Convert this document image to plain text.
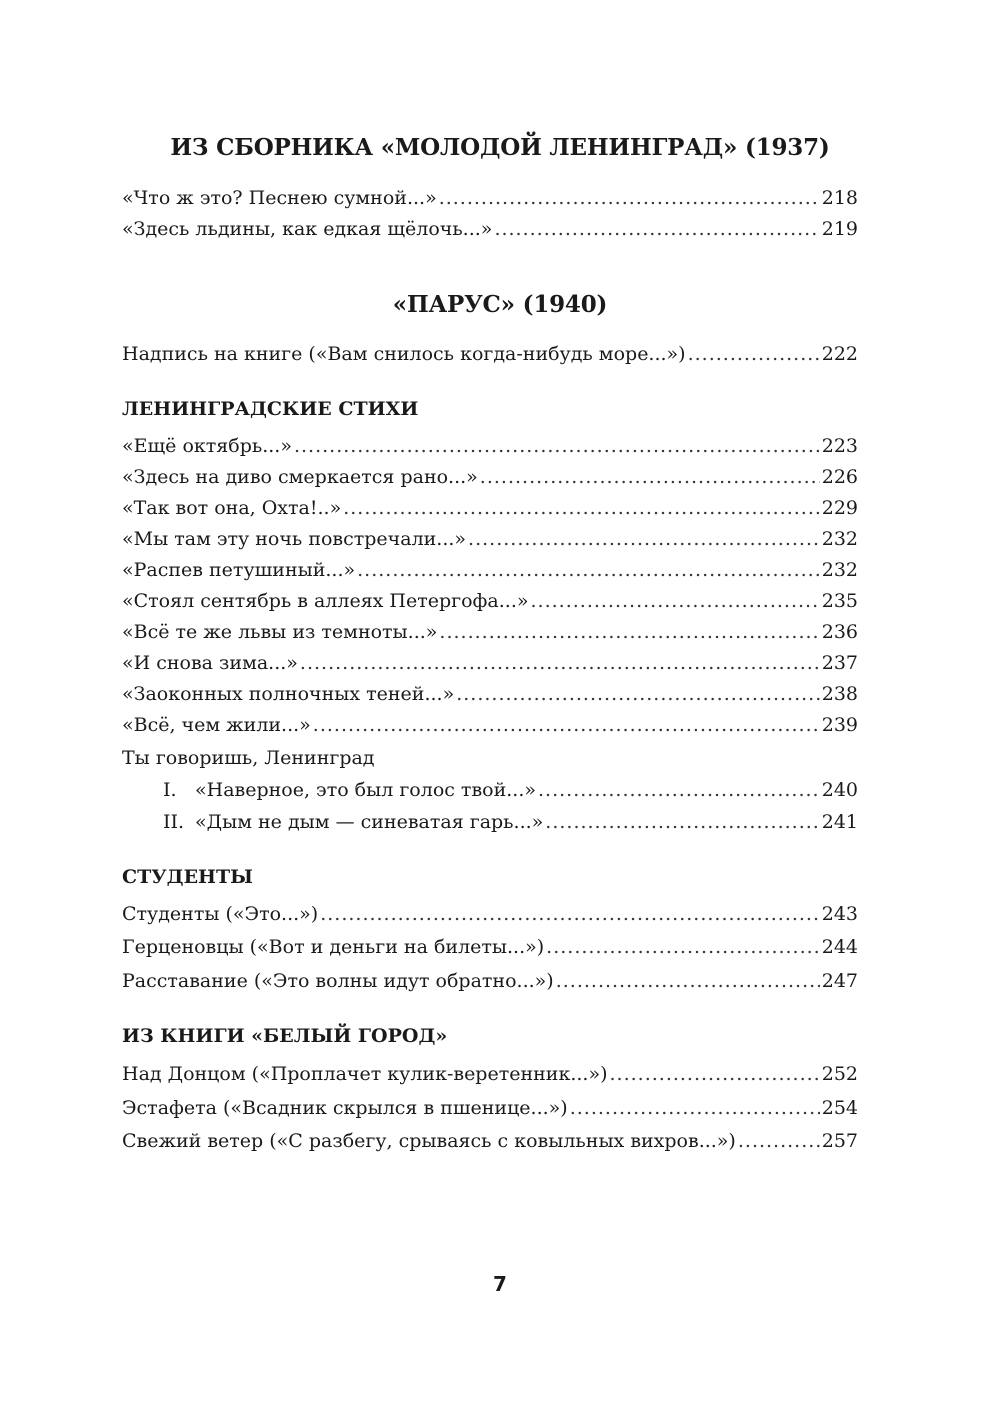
ИЗ СБОРНИКА «МОЛОДОЙ ЛЕНИНГРАД» (1937)
«Что ж это? Песнею сумной...» .....	218
«Здесь льдины, как едкая щёлочь...» .....	219
«ПАРУС» (1940)
Надпись на книге («Вам снилось когда-нибудь море...») .....	222
ЛЕНИНГРАДСКИЕ СТИХИ
«Ещё октябрь...» .....	223
«Здесь на диво смеркается рано...» .....	226
«Так вот она, Охта!..» .....	229
«Мы там эту ночь повстречали...» .....	232
«Распев петушиный...» .....	232
«Стоял сентябрь в аллеях Петергофа...» .....	235
«Всё те же львы из темноты...» .....	236
«И снова зима...» .....	237
«Заоконных полночных теней...» .....	238
«Всё, чем жили...» .....	239
Ты говоришь, Ленинград
I. «Наверное, это был голос твой...» .....	240
II. «Дым не дым — синеватая гарь...» .....	241
СТУДЕНТЫ
Студенты («Это...») .....	243
Герценовцы («Вот и деньги на билеты...») .....	244
Расставание («Это волны идут обратно...») .....	247
ИЗ КНИГИ «БЕЛЫЙ ГОРОД»
Над Донцом («Проплачет кулик-веретенник...») .....	252
Эстафета («Всадник скрылся в пшенице...») .....	254
Свежий ветер («С разбегу, срываясь с ковыльных вихров...») .....	257
7
